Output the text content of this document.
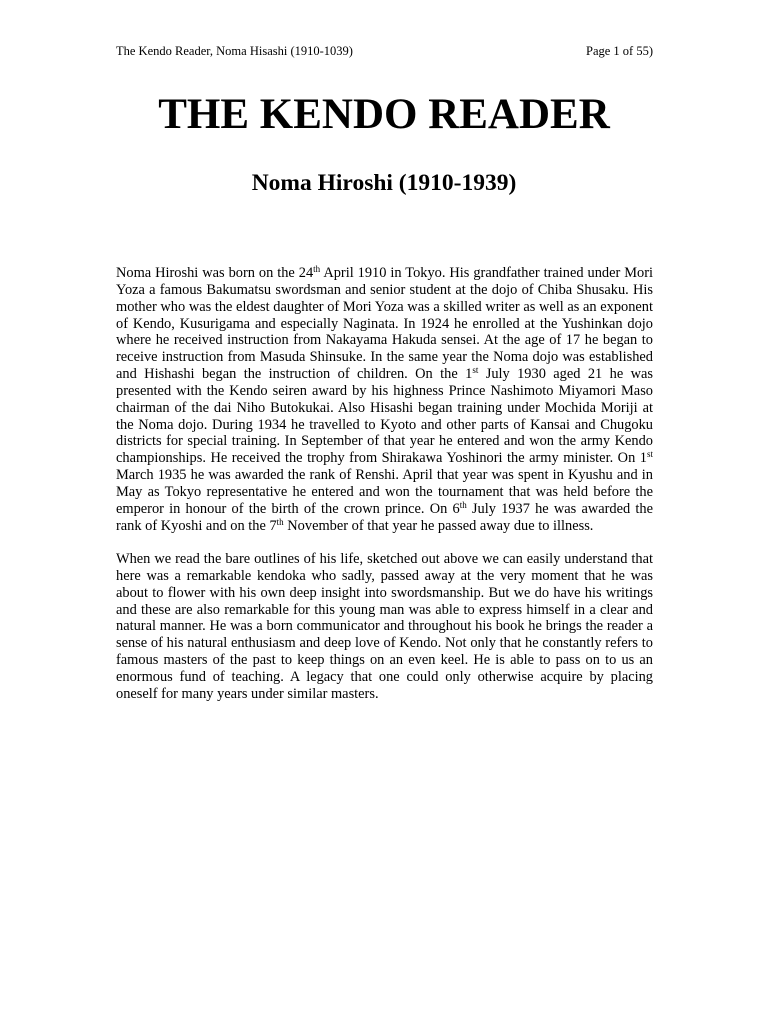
The Kendo Reader, Noma Hisashi (1910-1039)	Page 1 of 55)
THE KENDO READER
Noma Hiroshi (1910-1939)

Noma Hiroshi was born on the 24th April 1910 in Tokyo. His grandfather trained under Mori Yoza a famous Bakumatsu swordsman and senior student at the dojo of Chiba Shusaku. His mother who was the eldest daughter of Mori Yoza was a skilled writer as well as an exponent of Kendo, Kusurigama and especially Naginata. In 1924 he enrolled at the Yushinkan dojo where he received instruction from Nakayama Hakuda sensei. At the age of 17 he began to receive instruction from Masuda Shinsuke. In the same year the Noma dojo was established and Hishashi began the instruction of children. On the 1st July 1930 aged 21 he was presented with the Kendo seiren award by his highness Prince Nashimoto Miyamori Maso chairman of the dai Niho Butokukai. Also Hisashi began training under Mochida Moriji at the Noma dojo. During 1934 he travelled to Kyoto and other parts of Kansai and Chugoku districts for special training. In September of that year he entered and won the army Kendo championships. He received the trophy from Shirakawa Yoshinori the army minister. On 1st March 1935 he was awarded the rank of Renshi. April that year was spent in Kyushu and in May as Tokyo representative he entered and won the tournament that was held before the emperor in honour of the birth of the crown prince. On 6th July 1937 he was awarded the rank of Kyoshi and on the 7th November of that year he passed away due to illness.

When we read the bare outlines of his life, sketched out above we can easily understand that here was a remarkable kendoka who sadly, passed away at the very moment that he was about to flower with his own deep insight into swordsmanship. But we do have his writings and these are also remarkable for this young man was able to express himself in a clear and natural manner. He was a born communicator and throughout his book he brings the reader a sense of his natural enthusiasm and deep love of Kendo. Not only that he constantly refers to famous masters of the past to keep things on an even keel. He is able to pass on to us an enormous fund of teaching. A legacy that one could only otherwise acquire by placing oneself for many years under similar masters.
